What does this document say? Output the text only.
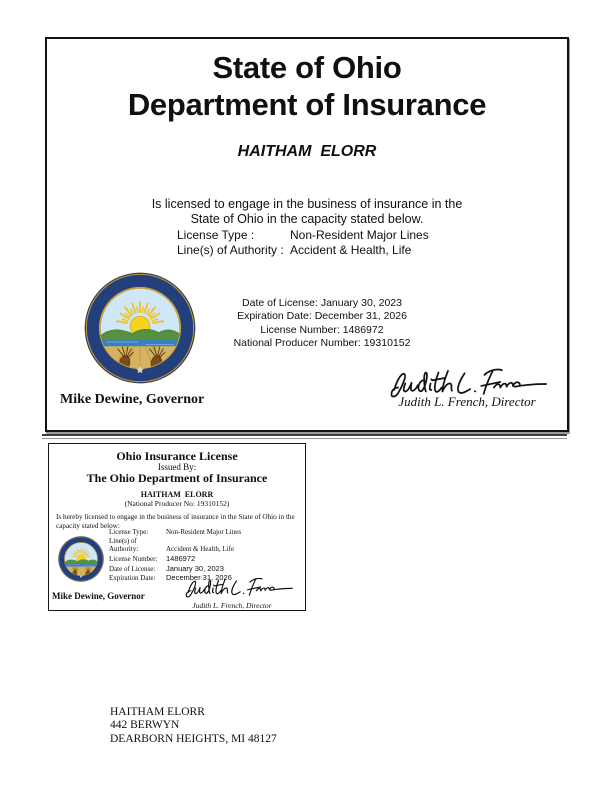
State of Ohio
Department of Insurance
HAITHAM  ELORR
Is licensed to engage in the business of insurance in the
State of Ohio in the capacity stated below.
License Type :	Non-Resident Major Lines
Line(s) of Authority : Accident & Health, Life
Date of License: January 30, 2023
Expiration Date: December 31, 2026
License Number: 1486972
National Producer Number: 19310152
Judith L. French, Director
Mike Dewine, Governor
Ohio Insurance License
Issued By:
The Ohio Department of Insurance
HAITHAM  ELORR
(National Producer No: 19310152)
Is hereby licensed to engage in the business of insurance in the State of Ohio in the capacity stated below:
License Type:	Non-Resident Major Lines
Line(s) of Authority:	Accident & Health, Life
License Number: 1486972
Date of License: January 30, 2023
Expiration Date: December 31, 2026
Mike Dewine, Governor
Judith L. French, Director
HAITHAM ELORR
442 BERWYN
DEARBORN HEIGHTS, MI 48127
